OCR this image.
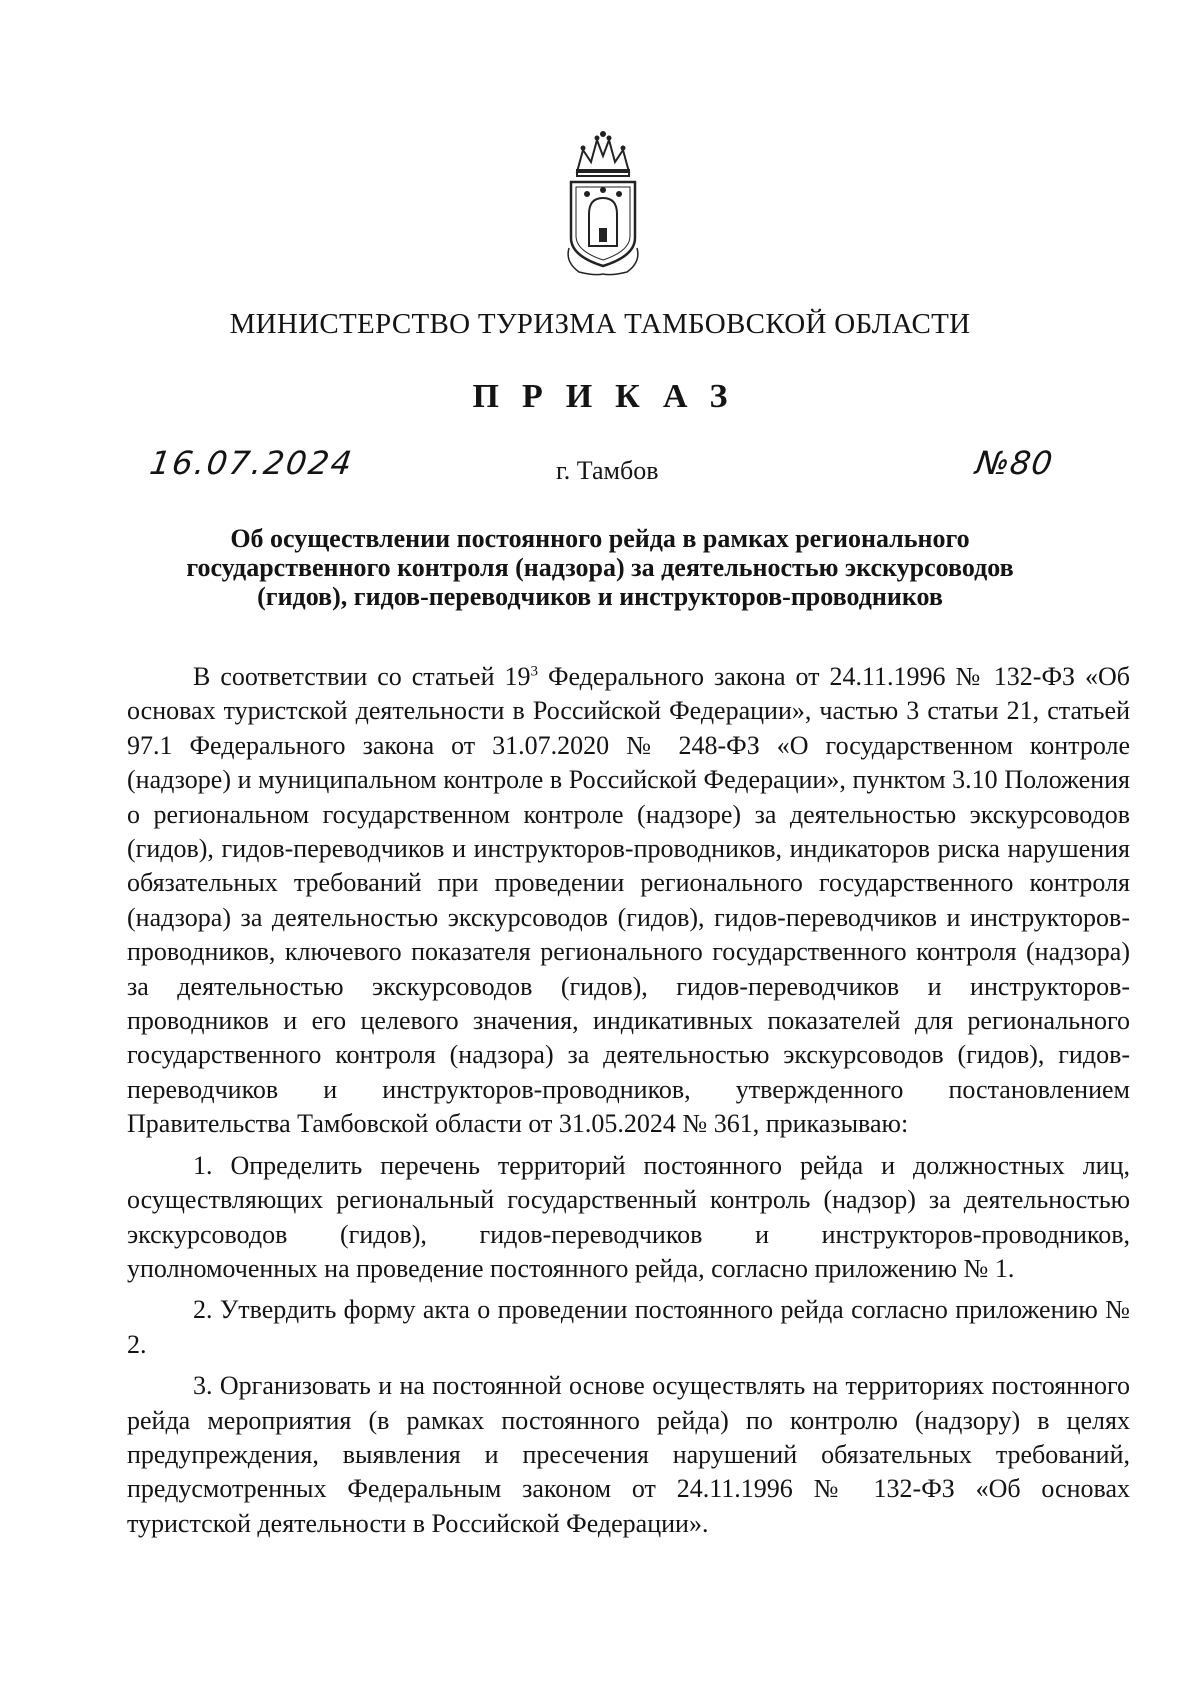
МИНИСТЕРСТВО ТУРИЗМА ТАМБОВСКОЙ ОБЛАСТИ
ПРИКАЗ
16.07.2024	г. Тамбов	№80
Об осуществлении постоянного рейда в рамках регионального государственного контроля (надзора) за деятельностью экскурсоводов (гидов), гидов-переводчиков и инструкторов-проводников

В соответствии со статьей $19^3$ Федерального закона от 24.11.1996 № 132-ФЗ «Об основах туристской деятельности в Российской Федерации», частью 3 статьи 21, статьей 97.1 Федерального закона от 31.07.2020 № 248-ФЗ «О государственном контроле (надзоре) и муниципальном контроле в Российской Федерации», пунктом 3.10 Положения о региональном государственном контроле (надзоре) за деятельностью экскурсоводов (гидов), гидов-переводчиков и инструкторов-проводников, индикаторов риска нарушения обязательных требований при проведении регионального государственного контроля (надзора) за деятельностью экскурсоводов (гидов), гидов-переводчиков и инструкторов-проводников, ключевого показателя регионального государственного контроля (надзора) за деятельностью экскурсоводов (гидов), гидов-переводчиков и инструкторов-проводников и его целевого значения, индикативных показателей для регионального государственного контроля (надзора) за деятельностью экскурсоводов (гидов), гидов-переводчиков и инструкторов-проводников, утвержденного постановлением Правительства Тамбовской области от 31.05.2024 № 361, приказываю:

1. Определить перечень территорий постоянного рейда и должностных лиц, осуществляющих региональный государственный контроль (надзор) за деятельностью экскурсоводов (гидов), гидов-переводчиков и инструкторов-проводников, уполномоченных на проведение постоянного рейда, согласно приложению № 1.

2. Утвердить форму акта о проведении постоянного рейда согласно приложению № 2.

3. Организовать и на постоянной основе осуществлять на территориях постоянного рейда мероприятия (в рамках постоянного рейда) по контролю (надзору) в целях предупреждения, выявления и пресечения нарушений обязательных требований, предусмотренных Федеральным законом от 24.11.1996 № 132-ФЗ «Об основах туристской деятельности в Российской Федерации».
